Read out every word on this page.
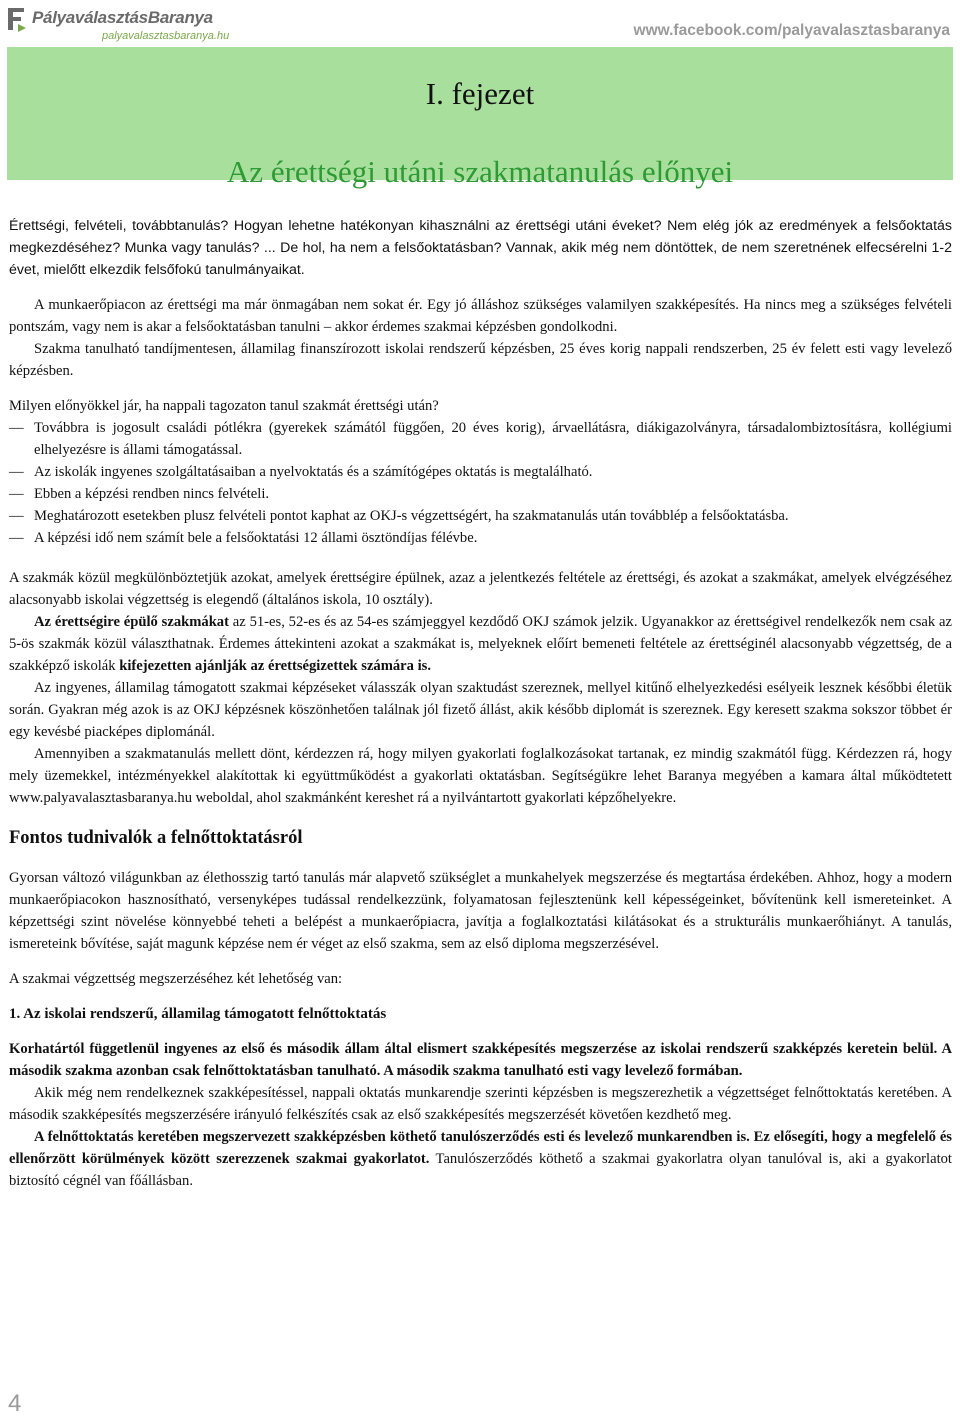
PályaválasztásBaranya
palyavalasztasbaranya.hu	www.facebook.com/palyavalasztasbaranya
I. fejezet
Az érettségi utáni szakmatanulás előnyei

Érettségi, felvételi, továbbtanulás? Hogyan lehetne hatékonyan kihasználni az érettségi utáni éveket? Nem elég jók az eredmények a felsőoktatás megkezdéséhez? Munka vagy tanulás? ... De hol, ha nem a felsőoktatásban? Vannak, akik még nem döntöttek, de nem szeretnének elfecsérelni 1-2 évet, mielőtt elkezdik felsőfokú tanulmányaikat.

A munkaerőpiacon az érettségi ma már önmagában nem sokat ér. Egy jó álláshoz szükséges valamilyen szakképesítés. Ha nincs meg a szükséges felvételi pontszám, vagy nem is akar a felsőoktatásban tanulni – akkor érdemes szakmai képzésben gondolkodni.

Szakma tanulható tandíjmentesen, államilag finanszírozott iskolai rendszerű képzésben, 25 éves korig nappali rendszerben, 25 év felett esti vagy levelező képzésben.

Milyen előnyökkel jár, ha nappali tagozaton tanul szakmát érettségi után?

— Továbbra is jogosult családi pótlékra (gyerekek számától függően, 20 éves korig), árvaellátásra, diákigazolványra, társadalombiztosításra, kollégiumi elhelyezésre is állami támogatással.

— Az iskolák ingyenes szolgáltatásaiban a nyelvoktatás és a számítógépes oktatás is megtalálható.

— Ebben a képzési rendben nincs felvételi.

— Meghatározott esetekben plusz felvételi pontot kaphat az OKJ-s végzettségért, ha szakmatanulás után továbblép a felsőoktatásba.

— A képzési idő nem számít bele a felsőoktatási 12 állami ösztöndíjas félévbe.

A szakmák közül megkülönböztetjük azokat, amelyek érettségire épülnek, azaz a jelentkezés feltétele az érettségi, és azokat a szakmákat, amelyek elvégzéséhez alacsonyabb iskolai végzettség is elegendő (általános iskola, 10 osztály).

Az érettségire épülő szakmákat az 51-es, 52-es és az 54-es számjeggyel kezdődő OKJ számok jelzik. Ugyanakkor az érettségivel rendelkezők nem csak az 5-ös szakmák közül választhatnak. Érdemes áttekinteni azokat a szakmákat is, melyeknek előírt bemeneti feltétele az érettséginél alacsonyabb végzettség, de a szakképző iskolák kifejezetten ajánlják az érettségizettek számára is.

Az ingyenes, államilag támogatott szakmai képzéseket válasszák olyan szaktudást szereznek, mellyel kitűnő elhelyezkedési esélyeik lesznek későbbi életük során. Gyakran még azok is az OKJ képzésnek köszönhetően találnak jól fizető állást, akik később diplomát is szereznek. Egy keresett szakma sokszor többet ér egy kevésbé piacképes diplománál.

Amennyiben a szakmatanulás mellett dönt, kérdezzen rá, hogy milyen gyakorlati foglalkozásokat tartanak, ez mindig szakmától függ. Kérdezzen rá, hogy mely üzemekkel, intézményekkel alakítottak ki együttműködést a gyakorlati oktatásban. Segítségükre lehet Baranya megyében a kamara által működtetett www.palyavalasztasbaranya.hu weboldal, ahol szakmánként kereshet rá a nyilvántartott gyakorlati képzőhelyekre.

Fontos tudnivalók a felnőttoktatásról

Gyorsan változó világunkban az élethosszig tartó tanulás már alapvető szükséglet a munkahelyek megszerzése és megtartása érdekében. Ahhoz, hogy a modern munkaerőpiacokon hasznosítható, versenyképes tudással rendelkezzünk, folyamatosan fejlesztenünk kell képességeinket, bővítenünk kell ismereteinket. A képzettségi szint növelése könnyebbé teheti a belépést a munkaerőpiacra, javítja a foglalkoztatási kilátásokat és a strukturális munkaerőhiányt. A tanulás, ismereteink bővítése, saját magunk képzése nem ér véget az első szakma, sem az első diploma megszerzésével.

A szakmai végzettség megszerzéséhez két lehetőség van:

1. Az iskolai rendszerű, államilag támogatott felnőttoktatás

Korhatártól függetlenül ingyenes az első és második állam által elismert szakképesítés megszerzése az iskolai rendszerű szakképzés keretein belül. A második szakma azonban csak felnőttoktatásban tanulható. A második szakma tanulható esti vagy levelező formában.

Akik még nem rendelkeznek szakképesítéssel, nappali oktatás munkarendje szerinti képzésben is megszerezhetik a végzettséget felnőttoktatás keretében. A második szakképesítés megszerzésére irányuló felkészítés csak az első szakképesítés megszerzését követően kezdhető meg.

A felnőttoktatás keretében megszervezett szakképzésben köthető tanulószerződés esti és levelező munkarendben is. Ez elősegíti, hogy a megfelelő és ellenőrzött körülmények között szerezzenek szakmai gyakorlatot. Tanulószerződés köthető a szakmai gyakorlatra olyan tanulóval is, aki a gyakorlatot biztosító cégnél van főállásban.

4
